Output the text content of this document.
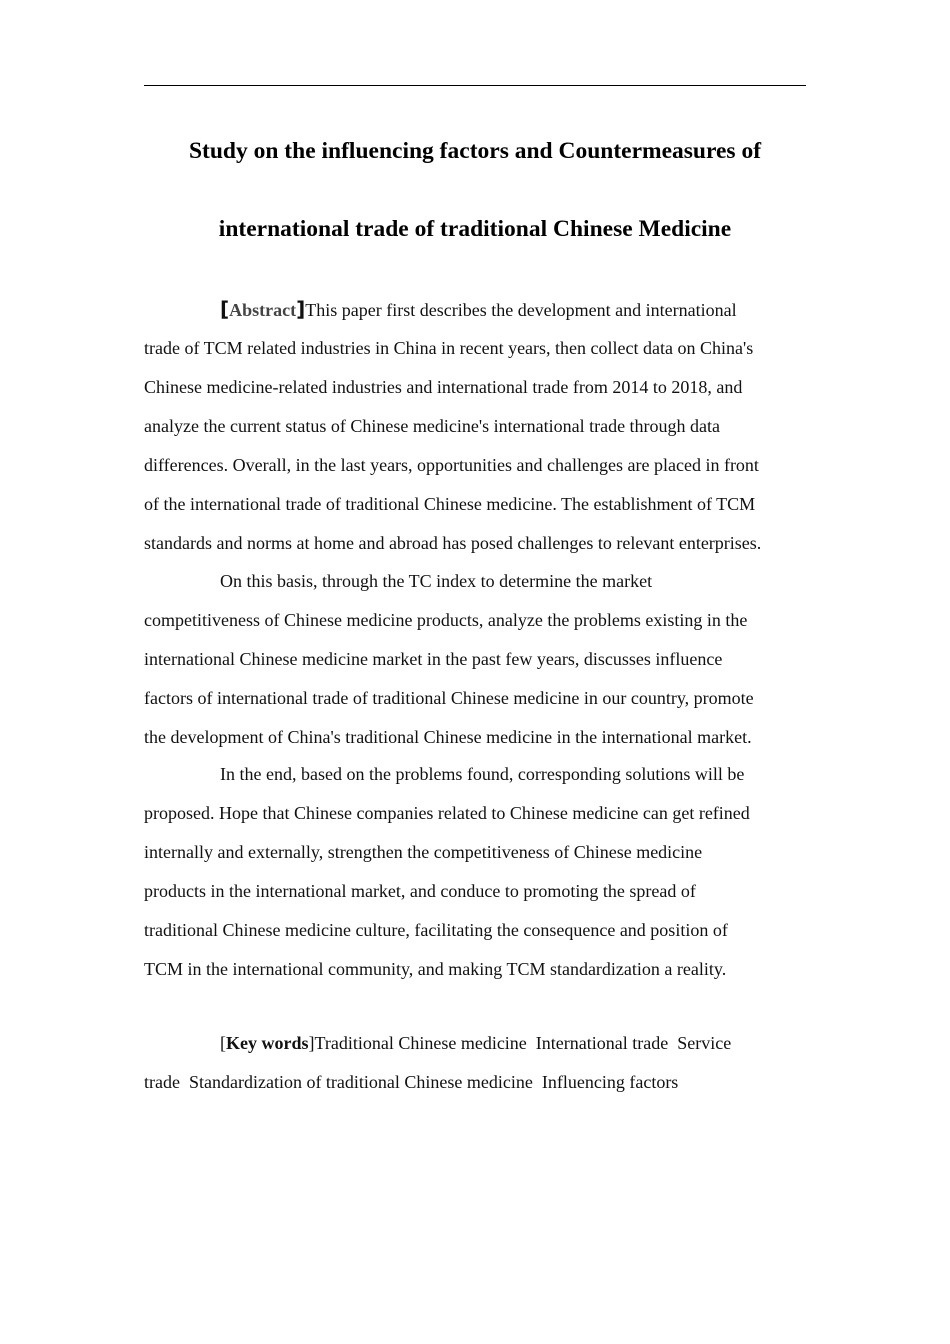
Study on the influencing factors and Countermeasures of
international trade of traditional Chinese Medicine
[Abstract]This paper first describes the development and international
trade of TCM related industries in China in recent years, then collect data on China's
Chinese medicine-related industries and international trade from 2014 to 2018, and
analyze the current status of Chinese medicine's international trade through data
differences. Overall, in the last years, opportunities and challenges are placed in front
of the international trade of traditional Chinese medicine. The establishment of TCM
standards and norms at home and abroad has posed challenges to relevant enterprises.
On this basis, through the TC index to determine the market
competitiveness of Chinese medicine products, analyze the problems existing in the
international Chinese medicine market in the past few years, discusses influence
factors of international trade of traditional Chinese medicine in our country, promote
the development of China's traditional Chinese medicine in the international market.
In the end, based on the problems found, corresponding solutions will be
proposed. Hope that Chinese companies related to Chinese medicine can get refined
internally and externally, strengthen the competitiveness of Chinese medicine
products in the international market, and conduce to promoting the spread of
traditional Chinese medicine culture, facilitating the consequence and position of
TCM in the international community, and making TCM standardization a reality.
[Key words]Traditional Chinese medicine  International trade  Service
trade  Standardization of traditional Chinese medicine  Influencing factors
